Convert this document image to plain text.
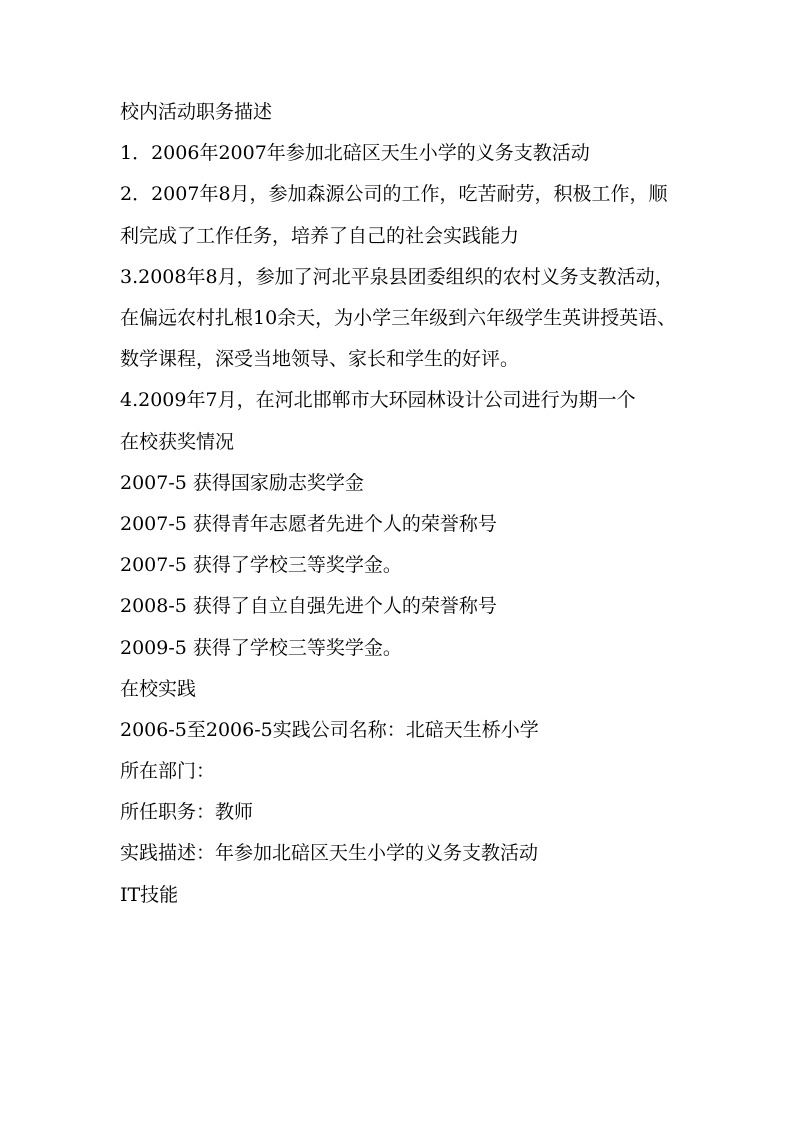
校内活动职务描述
1．2006年2007年参加北碚区天生小学的义务支教活动
2．2007年8月，参加森源公司的工作，吃苦耐劳，积极工作，顺利完成了工作任务，培养了自己的社会实践能力
3.2008年8月，参加了河北平泉县团委组织的农村义务支教活动，在偏远农村扎根10余天，为小学三年级到六年级学生英讲授英语、数学课程，深受当地领导、家长和学生的好评。
4.2009年7月，在河北邯郸市大环园林设计公司进行为期一个
在校获奖情况
2007-5 获得国家励志奖学金
2007-5 获得青年志愿者先进个人的荣誉称号
2007-5 获得了学校三等奖学金。
2008-5 获得了自立自强先进个人的荣誉称号
2009-5 获得了学校三等奖学金。
在校实践
2006-5至2006-5实践公司名称：北碚天生桥小学
所在部门：
所任职务：教师
实践描述：年参加北碚区天生小学的义务支教活动
IT技能
